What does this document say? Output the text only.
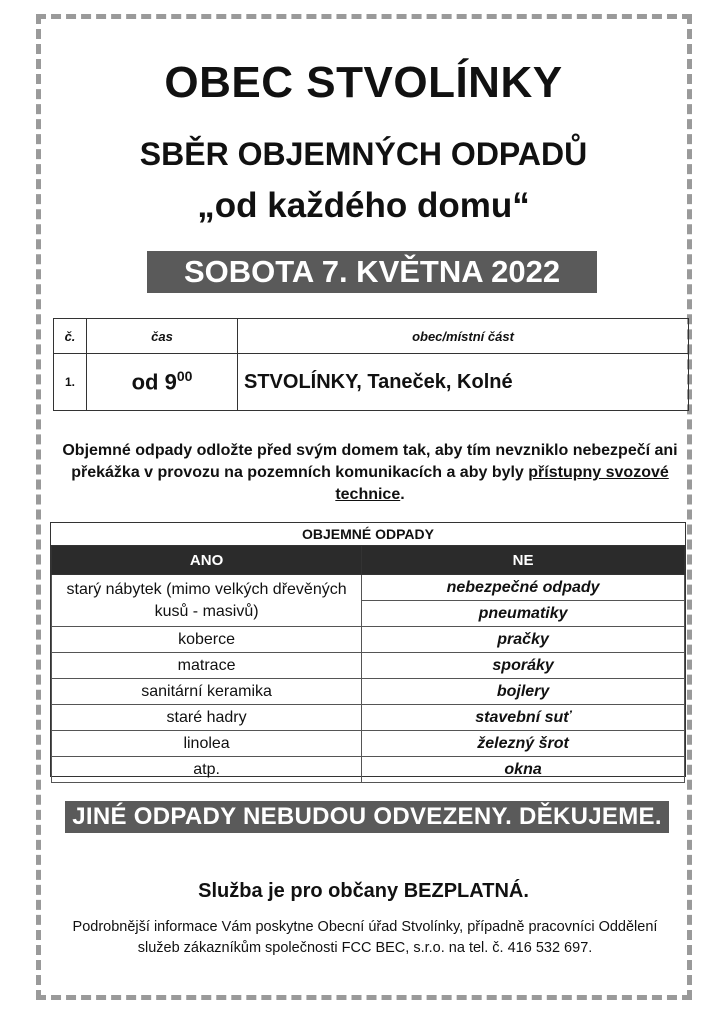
OBEC STVOLÍNKY
SBĚR OBJEMNÝCH ODPADŮ
„od každého domu“
SOBOTA 7. KVĚTNA 2022
č.	čas	obec/místní část
1.	od $9^{00}$	STVOLÍNKY, Taneček, Kolné
Objemné odpady odložte před svým domem tak, aby tím nevzniklo nebezpečí ani překážka v provozu na pozemních komunikacích a aby byly přístupny svozové technice.
OBJEMNÉ ODPADY
ANO	NE
starý nábytek (mimo velkých dřevěných kusů - masivů)	nebezpečné odpady
	pneumatiky
koberce	pračky
matrace	sporáky
sanitární keramika	bojlery
staré hadry	stavební suť
linolea	železný šrot
atp.	okna
JINÉ ODPADY NEBUDOU ODVEZENY. DĚKUJEME.
Služba je pro občany BEZPLATNÁ.
Podrobnější informace Vám poskytne Obecní úřad Stvolínky, případně pracovníci Oddělení služeb zákazníkům společnosti FCC BEC, s.r.o. na tel. č. 416 532 697.
